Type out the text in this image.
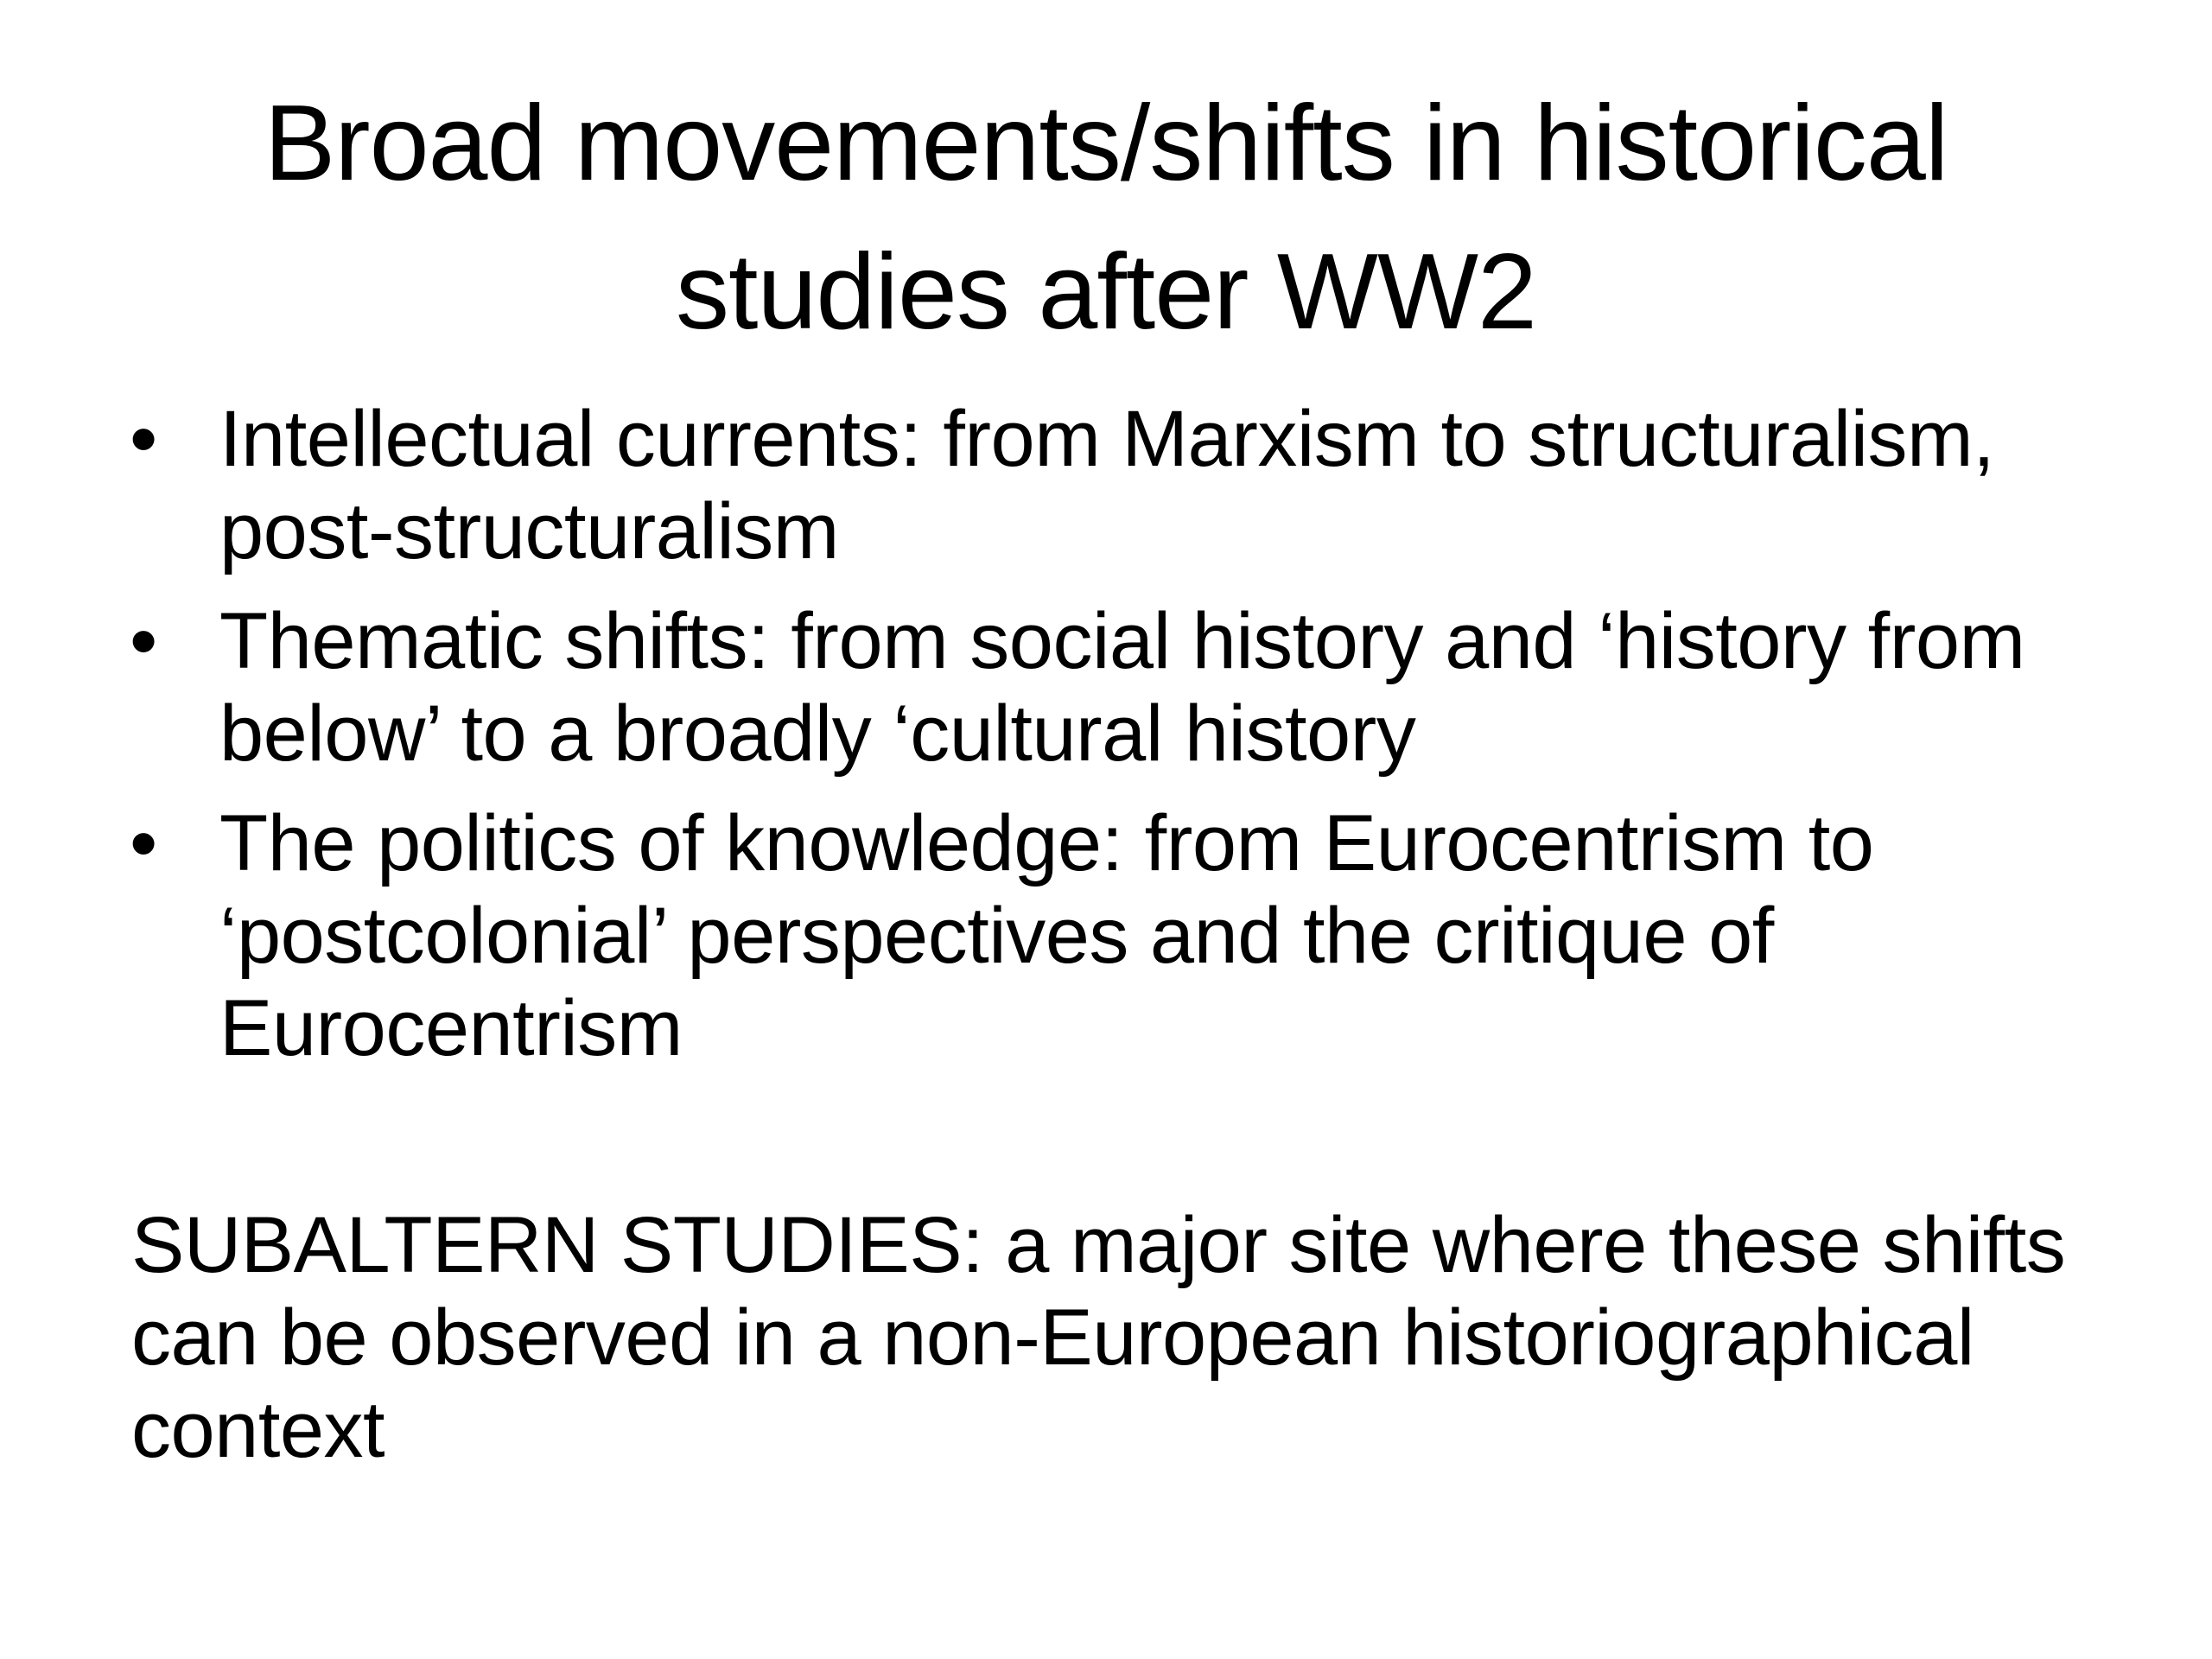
Broad movements/shifts in historical studies after WW2
• Intellectual currents: from Marxism to structuralism, post-structuralism
• Thematic shifts: from social history and ‘history from below’ to a broadly ‘cultural history
• The politics of knowledge: from Eurocentrism to ‘postcolonial’ perspectives and the critique of Eurocentrism

SUBALTERN STUDIES: a major site where these shifts can be observed in a non-European historiographical context
